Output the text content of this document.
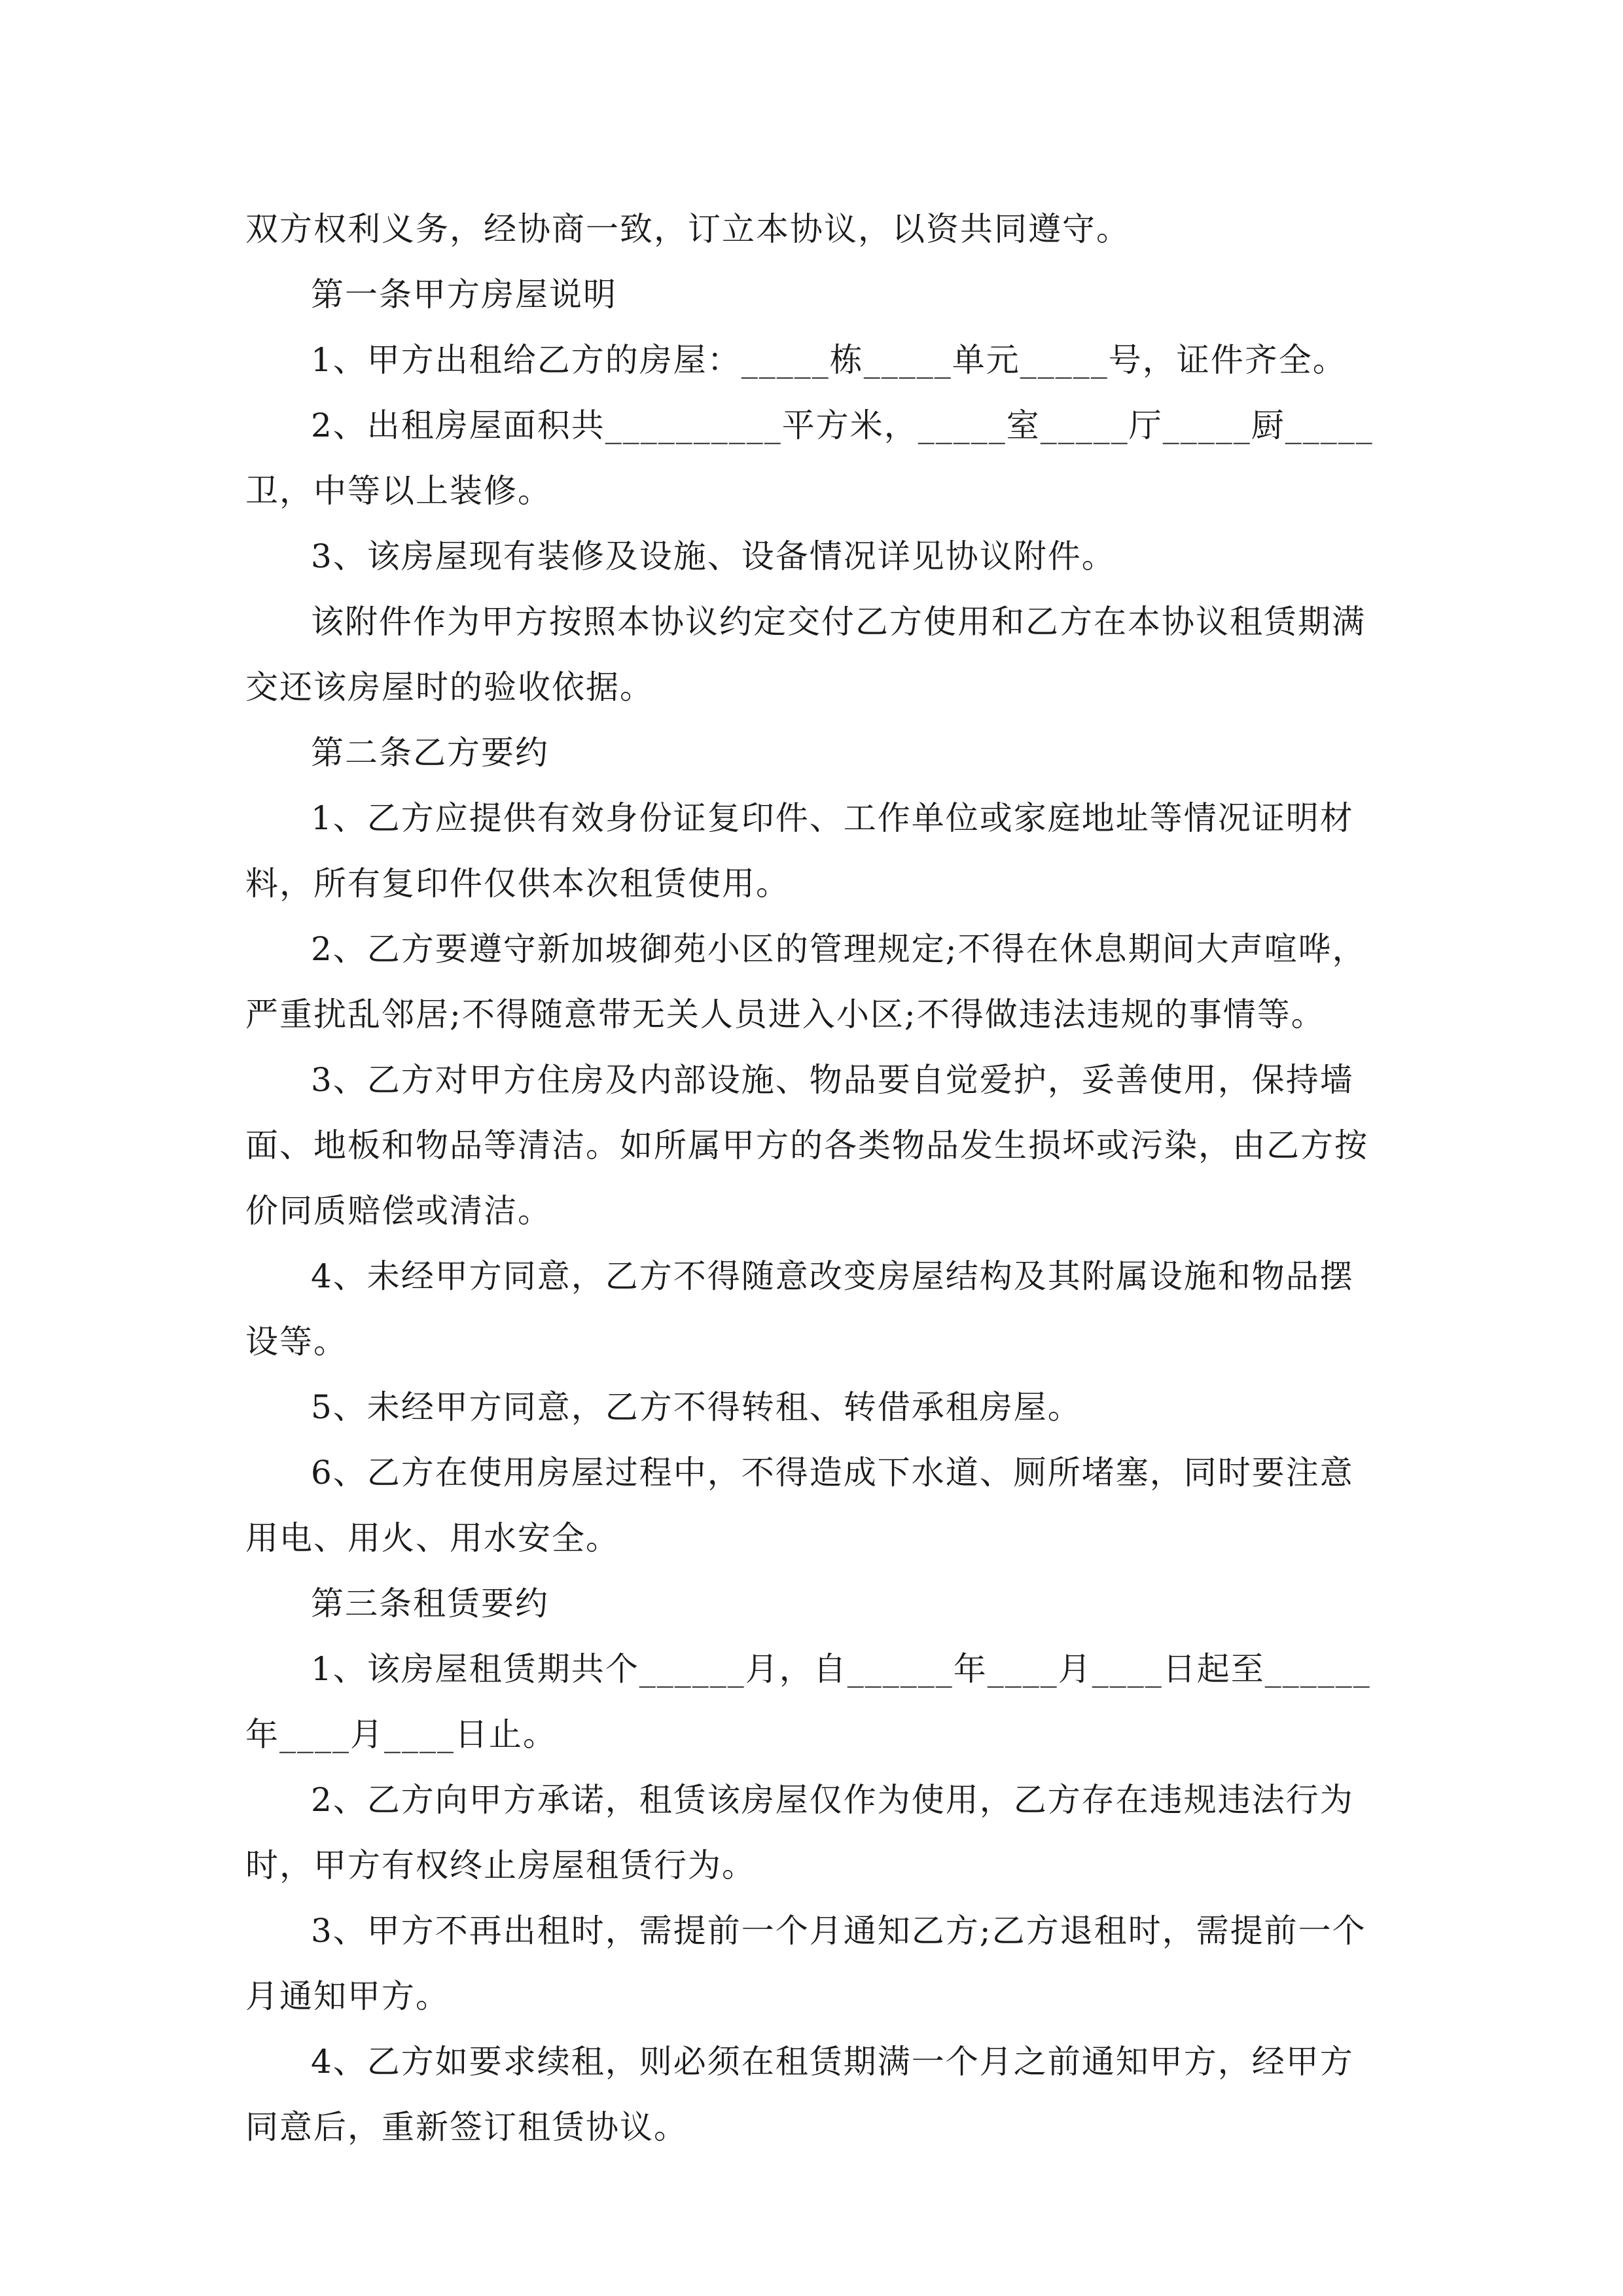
双方权利义务，经协商一致，订立本协议，以资共同遵守。

第一条甲方房屋说明

1、甲方出租给乙方的房屋：_____栋_____单元_____号，证件齐全。

2、出租房屋面积共__________平方米，_____室_____厅_____厨_____卫，中等以上装修。

3、该房屋现有装修及设施、设备情况详见协议附件。

该附件作为甲方按照本协议约定交付乙方使用和乙方在本协议租赁期满交还该房屋时的验收依据。

第二条乙方要约

1、乙方应提供有效身份证复印件、工作单位或家庭地址等情况证明材料，所有复印件仅供本次租赁使用。

2、乙方要遵守新加坡御苑小区的管理规定;不得在休息期间大声喧哗，严重扰乱邻居;不得随意带无关人员进入小区;不得做违法违规的事情等。

3、乙方对甲方住房及内部设施、物品要自觉爱护，妥善使用，保持墙面、地板和物品等清洁。如所属甲方的各类物品发生损坏或污染，由乙方按价同质赔偿或清洁。

4、未经甲方同意，乙方不得随意改变房屋结构及其附属设施和物品摆设等。

5、未经甲方同意，乙方不得转租、转借承租房屋。

6、乙方在使用房屋过程中，不得造成下水道、厕所堵塞，同时要注意用电、用火、用水安全。

第三条租赁要约

1、该房屋租赁期共个______月，自______年____月____日起至______年____月____日止。

2、乙方向甲方承诺，租赁该房屋仅作为使用，乙方存在违规违法行为时，甲方有权终止房屋租赁行为。

3、甲方不再出租时，需提前一个月通知乙方;乙方退租时，需提前一个月通知甲方。

4、乙方如要求续租，则必须在租赁期满一个月之前通知甲方，经甲方同意后，重新签订租赁协议。
